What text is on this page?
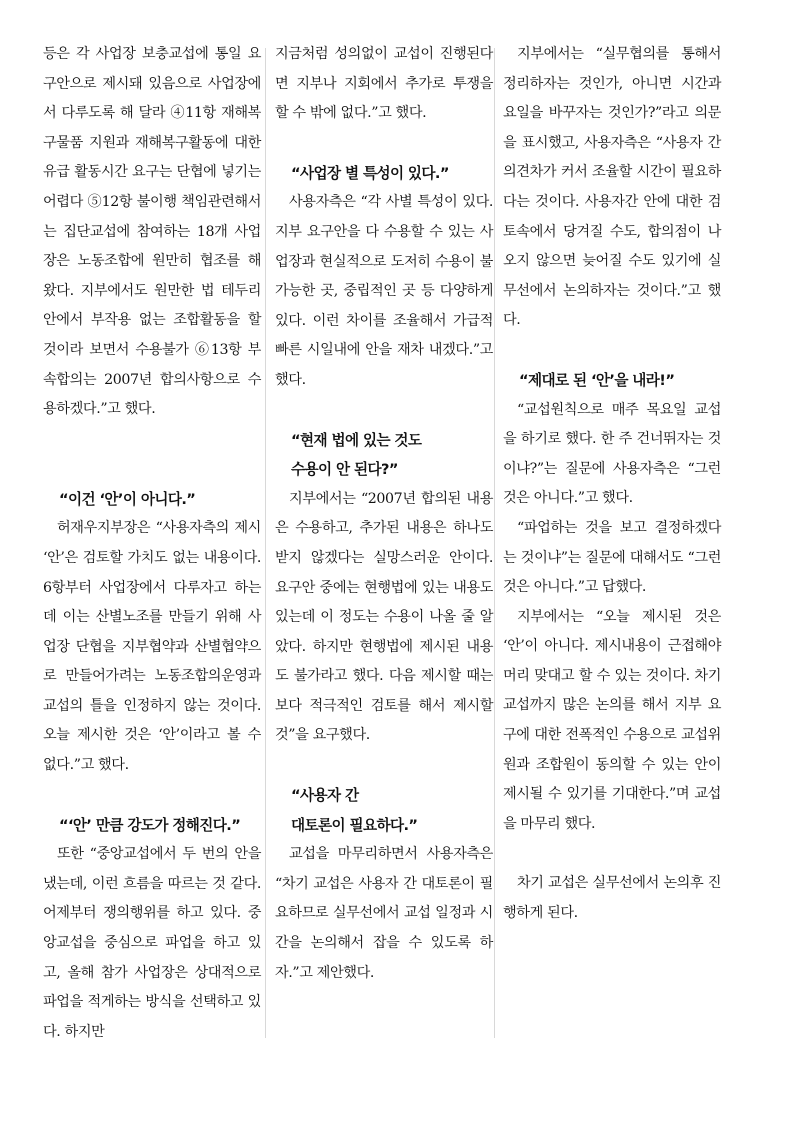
등은 각 사업장 보충교섭에 통일 요구안으로 제시돼 있음으로 사업장에서 다루도록 해 달라 ④11항 재해복구물품 지원과 재해복구활동에 대한 유급 활동시간 요구는 단협에 넣기는 어렵다 ⑤12항 불이행 책임관련해서는 집단교섭에 참여하는 18개 사업장은 노동조합에 원만히 협조를 해 왔다. 지부에서도 원만한 법 테두리 안에서 부작용 없는 조합활동을 할 것이라 보면서 수용불가 ⑥13항 부속합의는 2007년 합의사항으로 수용하겠다.”고 했다.

“이건 ‘안’이 아니다.”

허재우지부장은 “사용자측의 제시 ‘안’은 검토할 가치도 없는 내용이다. 6항부터 사업장에서 다루자고 하는 데 이는 산별노조를 만들기 위해 사업장 단협을 지부협약과 산별협약으로 만들어가려는 노동조합의운영과 교섭의 틀을 인정하지 않는 것이다. 오늘 제시한 것은 ‘안’이라고 볼 수 없다.”고 했다.

“‘안’ 만큼 강도가 정해진다.”

또한 “중앙교섭에서 두 번의 안을 냈는데, 이런 흐름을 따르는 것 같다. 어제부터 쟁의행위를 하고 있다. 중앙교섭을 중심으로 파업을 하고 있고, 올해 참가 사업장은 상대적으로 파업을 적게하는 방식을 선택하고 있다. 하지만

지금처럼 성의없이 교섭이 진행된다면 지부나 지회에서 추가로 투쟁을 할 수 밖에 없다.”고 했다.

“사업장 별 특성이 있다.”

사용자측은 “각 사별 특성이 있다. 지부 요구안을 다 수용할 수 있는 사업장과 현실적으로 도저히 수용이 불가능한 곳, 중립적인 곳 등 다양하게 있다. 이런 차이를 조율해서 가급적 빠른 시일내에 안을 재차 내겠다.”고 했다.

“현재 법에 있는 것도
수용이 안 된다?”

지부에서는 “2007년 합의된 내용은 수용하고, 추가된 내용은 하나도 받지 않겠다는 실망스러운 안이다. 요구안 중에는 현행법에 있는 내용도 있는데 이 정도는 수용이 나올 줄 알았다. 하지만 현행법에 제시된 내용도 불가라고 했다. 다음 제시할 때는 보다 적극적인 검토를 해서 제시할 것”을 요구했다.

“사용자 간
대토론이 필요하다.”

교섭을 마무리하면서 사용자측은 “차기 교섭은 사용자 간 대토론이 필요하므로 실무선에서 교섭 일정과 시간을 논의해서 잡을 수 있도록 하자.”고 제안했다.

지부에서는 “실무협의를 통해서 정리하자는 것인가, 아니면 시간과 요일을 바꾸자는 것인가?”라고 의문을 표시했고, 사용자측은 “사용자 간 의견차가 커서 조율할 시간이 필요하다는 것이다. 사용자간 안에 대한 검토속에서 당겨질 수도, 합의점이 나오지 않으면 늦어질 수도 있기에 실무선에서 논의하자는 것이다.”고 했다.

“제대로 된 ‘안’을 내라!”

“교섭원칙으로 매주 목요일 교섭을 하기로 했다. 한 주 건너뛰자는 것이냐?”는 질문에 사용자측은 “그런 것은 아니다.”고 했다.

“파업하는 것을 보고 결정하겠다는 것이냐”는 질문에 대해서도 “그런 것은 아니다.”고 답했다.

지부에서는 “오늘 제시된 것은 ‘안’이 아니다. 제시내용이 근접해야 머리 맞대고 할 수 있는 것이다. 차기 교섭까지 많은 논의를 해서 지부 요구에 대한 전폭적인 수용으로 교섭위원과 조합원이 동의할 수 있는 안이 제시될 수 있기를 기대한다.”며 교섭을 마무리 했다.

차기 교섭은 실무선에서 논의후 진행하게 된다.
